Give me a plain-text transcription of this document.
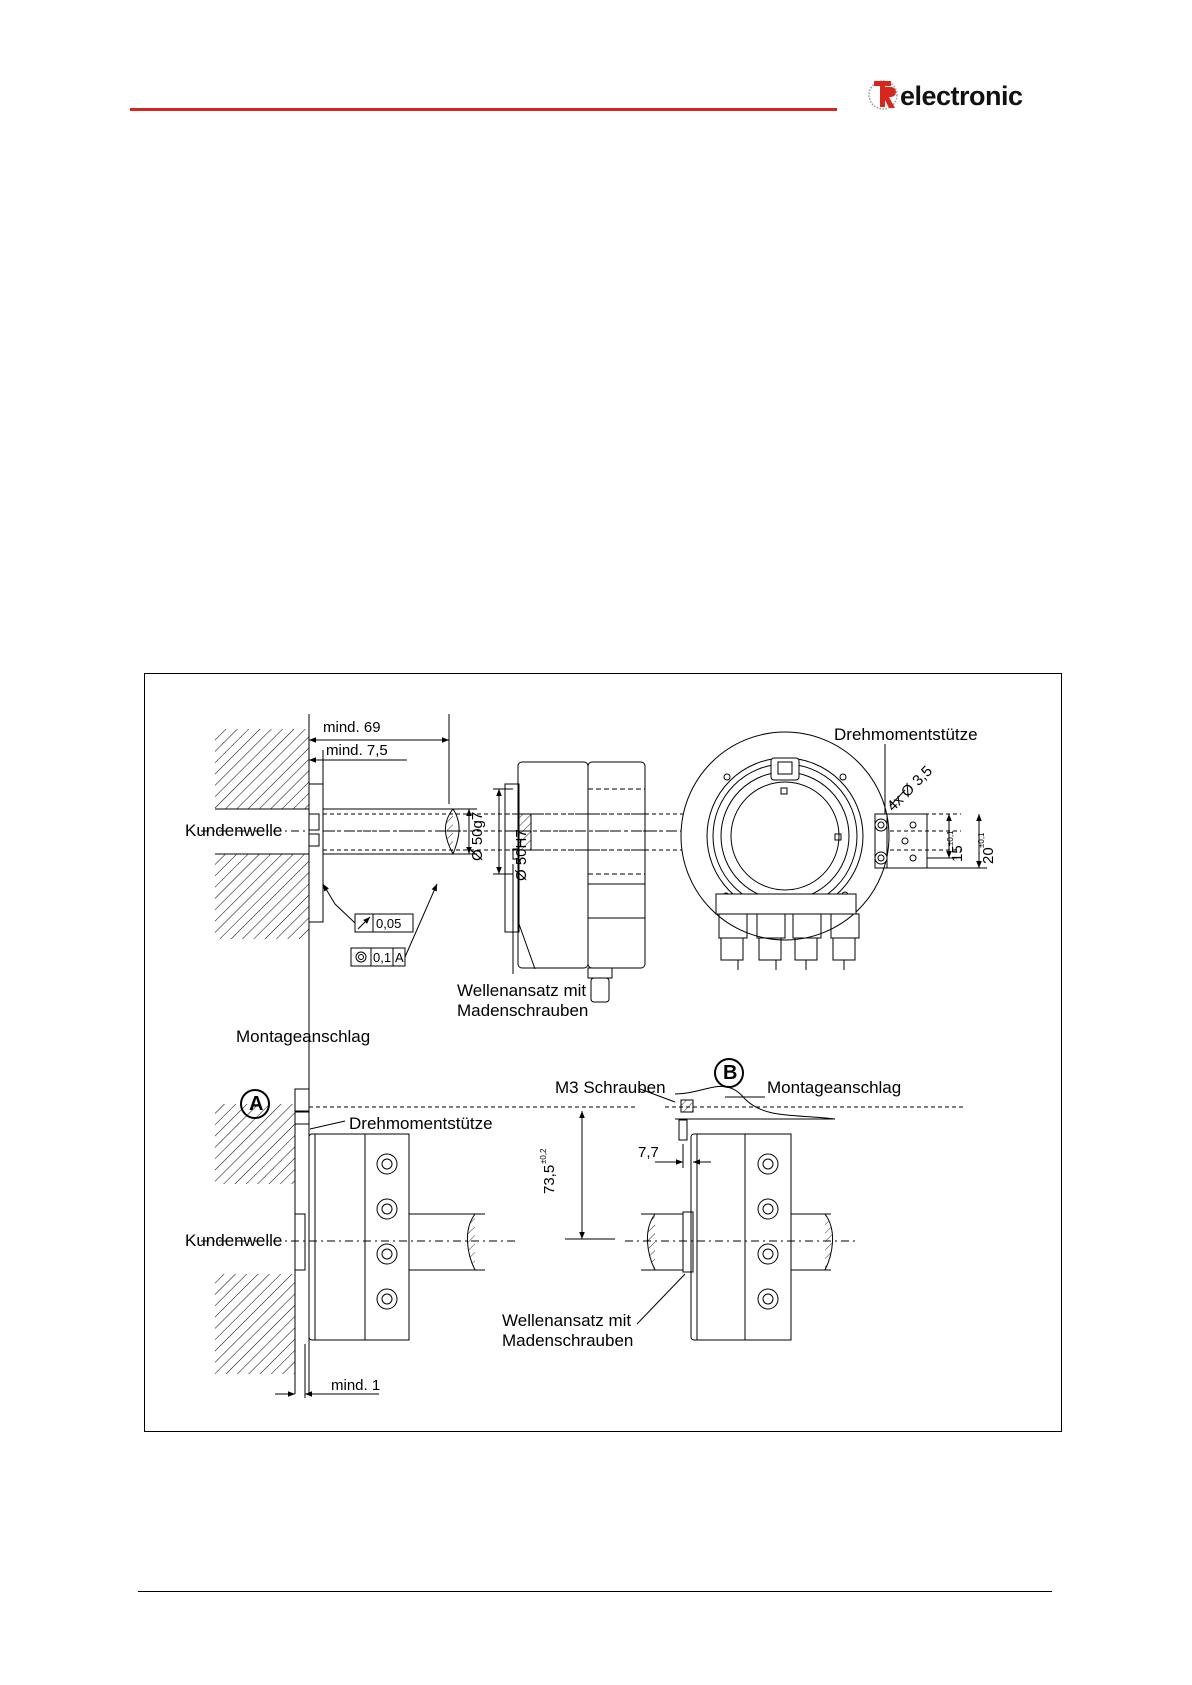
electronic
mind. 69
mind. 7,5
Kundenwelle	Ø 50g7 Ø 50H7
0,05
0,1 A
Wellenansatz mit
Madenschrauben
Montageanschlag
Drehmomentstütze
4x Ø 3,5
15
±0,1
20
±0,1
A
B
Drehmomentstütze
Kundenwelle
M3 Schrauben	Montageanschlag
73,5
±0,2	7,7
Wellenansatz mit
Madenschrauben
mind. 1
